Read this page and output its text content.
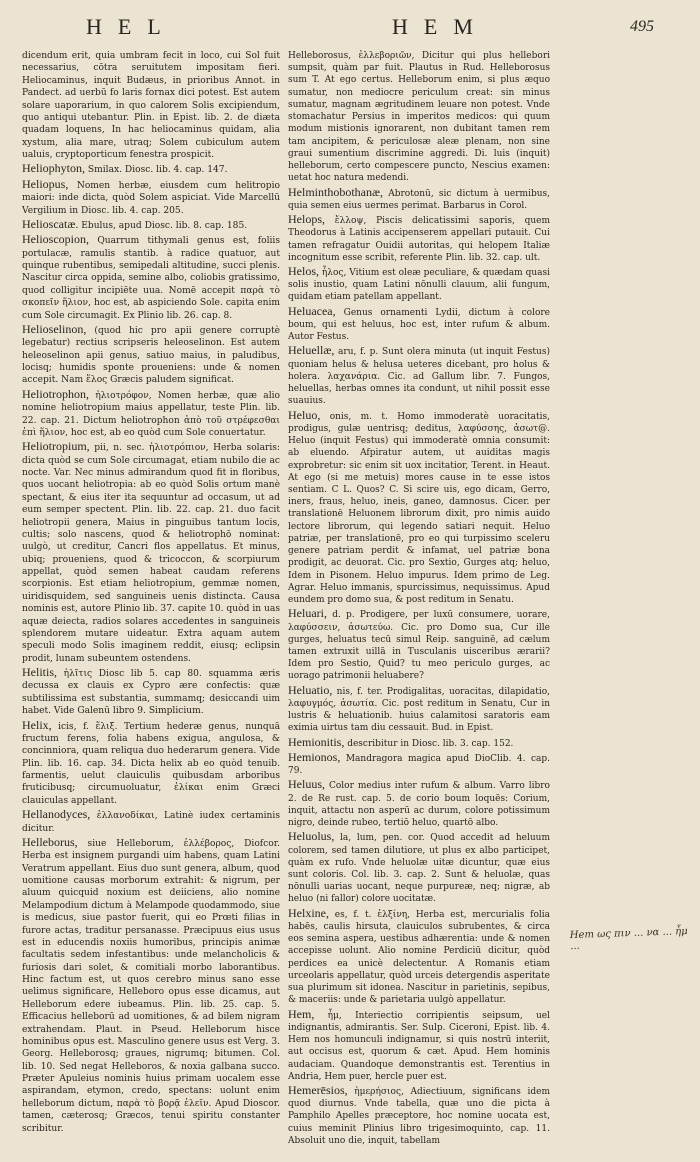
HEL	HEM	495

dicendum erit, quia umbram fecit in loco, cui Sol fuit necessarius, cōtra seruitutem impositam fieri. Heliocaminus, inquit Budæus, in prioribus Annot. in Pandect. ad uerbū fo laris fornax dici potest. Est autem solare uaporarium, in quo calorem Solis excipiendum, quo antiqui utebantur. Plin. in Epist. lib. 2. de diæta quadam loquens, In hac heliocaminus quidam, alia xystum, alia mare, utraq; Solem cubiculum autem ualuis, cryptoporticum fenestra prospicit.

Heliophyton, Smilax. Diosc. lib. 4. cap. 147.

Heliopus, Nomen herbæ, eiusdem cum helitropio maiori: inde dicta, quòd Solem aspiciat. Vide Marcellū Vergilium in Diosc. lib. 4. cap. 205.

Helioscatæ. Ebulus, apud Diosc. lib. 8. cap. 185.

Helioscopion, Quarrum tithymali genus est, foliis portulacæ, ramulis stantib. à radice quatuor, aut quinque rubentibus, semipedali altitudine, succi plenis. Nascitur circa oppida, semine albo, coliobis gratissimo, quod colligitur incipiēte uua. Nomē accepit παρὰ τὸ σκοπεῖν ἥλιον, hoc est, ab aspiciendo Sole. capita enim cum Sole circumagit. Ex Plinio lib. 26. cap. 8.

Helioselinon, (quod hic pro apii genere corruptè legebatur) rectius scripseris heleoselinon. Est autem heleoselinon apii genus, satiuo maius, in paludibus, locisq; humidis sponte proueniens: unde & nomen accepit. Nam ἕλος Græcis paludem significat.

Heliotrophon, ἡλιοτρόφον, Nomen herbæ, quæ alio nomine heliotropium maius appellatur, teste Plin. lib. 22. cap. 21. Dictum heliotrophon ἀπὸ τοῦ στρέφεσθαι ἐπὶ ἥλιον, hoc est, ab eo quòd cum Sole conuertatur.

Heliotropium, pii, n. sec. ἡλιοτρόπιον, Herba solaris: dicta quòd se cum Sole circumagat, etiam nubilo die ac nocte. Var. Nec minus admirandum quod fit in floribus, quos uocant heliotropia: ab eo quòd Solis ortum manè spectant, & eius iter ita sequuntur ad occasum, ut ad eum semper spectent. Plin. lib. 22. cap. 21. duo facit heliotropii genera, Maius in pinguibus tantum locis, cultis; solo nascens, quod & heliotrophō nominat: uulgò, ut creditur, Cancri flos appellatus. Et minus, ubiq; proueniens, quod & tricoccon, & scorpiurum appellat, quòd semen habeat caudam referens scorpionis. Est etiam heliotropium, gemmæ nomen, uiridisquidem, sed sanguineis uenis distincta. Causa nominis est, autore Plinio lib. 37. capite 10. quòd in uas aquæ deiecta, radios solares accedentes in sanguineis splendorem mutare uideatur. Extra aquam autem speculi modo Solis imaginem reddit, eiusq; eclipsin prodit, lunam subeuntem ostendens.

Helitis, ἡλῖτις Diosc lib 5. cap 80. squamma æris decussa ex clauis ex Cypro ære confectis: quæ subtilissima est substantia, summamq; desiccandi uim habet. Vide Galenū libro 9. Simplicium.

Helix, icis, f. ἕλιξ. Tertium hederæ genus, nunquā fructum ferens, folia habens exigua, angulosa, & concinniora, quam reliqua duo hederarum genera. Vide Plin. lib. 16. cap. 34. Dicta helix ab eo quòd tenuib. farmentis, uelut clauiculis quibusdam arboribus fruticibusq; circumuoluatur, ἑλίκαι enim Græci clauiculas appellant.

Hellanodyces, ἑλλανοδίκαι, Latinè iudex certaminis dicitur.

Helleborus, siue Helleborum, ἐλλέβορος, Diofcor. Herba est insignem purgandi uim habens, quam Latini Veratrum appellant. Eius duo sunt genera, album, quod uomitione causas morborum extrahit: & nigrum, per aluum quicquid noxium est deiiciens, alio nomine Melampodium dictum à Melampode quodammodo, siue is medicus, siue pastor fuerit, qui eo Prœti filias in furore actas, traditur persanasse. Præcipuus eius usus est in educendis noxiis humoribus, principis animæ facultatis sedem infestantibus: unde melancholicis & furiosis dari solet, & comitiali morbo laborantibus. Hinc factum est, ut quos cerebro minus sano esse uelimus significare, Helleboro opus esse dicamus, aut Helleborum edere iubeamus. Plin. lib. 25. cap. 5. Efficacius helleborū ad uomitiones, & ad bilem nigram extrahendam. Plaut. in Pseud. Helleborum hisce hominibus opus est. Masculino genere usus est Verg. 3. Georg. Helleborosq; graues, nigrumq; bitumen. Col. lib. 10. Sed negat Helleboros, & noxia galbana succo. Præter Apuleius nominis huius primam uocalem esse aspirandam, etymon, credo, spectans: uolunt enim helleborum dictum, παρὰ τὸ βορᾷ ἐλεῖν. Apud Dioscor. tamen, cæterosq; Græcos, tenui spiritu constanter scribitur.

Helleborosus, ἐλλεβοριῶν, Dicitur qui plus hellebori sumpsit, quàm par fuit. Plautus in Rud. Helleborosus sum T. At ego certus. Helleborum enim, si plus æquo sumatur, non mediocre periculum creat: sin minus sumatur, magnam ægritudinem leuare non potest. Vnde stomachatur Persius in imperitos medicos: qui quum modum mistionis ignorarent, non dubitant tamen rem tam ancipitem, & periculosæ aleæ plenam, non sine graui sumentium discrimine aggredi. Di. luis (inquit) helleborum, certo compescere puncto, Nescius examen: uetat hoc natura medendi.

Helminthobothanæ, Abrotonū, sic dictum à uermibus, quia semen eius uermes perimat. Barbarus in Corol.

Helops, ἔλλοψ, Piscis delicatissimi saporis, quem Theodorus à Latinis accipenserem appellari putauit. Cui tamen refragatur Ouidii autoritas, qui helopem Italiæ incognitum esse scribit, referente Plin. lib. 32. cap. ult.

Helos, ἧλος, Vitium est oleæ peculiare, & quædam quasi solis inustio, quam Latini nōnulli clauum, alii fungum, quidam etiam patellam appellant.

Heluacea, Genus ornamenti Lydii, dictum à colore boum, qui est heluus, hoc est, inter rufum & album. Autor Festus.

Heluellæ, aru, f. p. Sunt olera minuta (ut inquit Festus) quoniam helus & helusa ueteres dicebant, pro holus & holera. λαχανάρια. Cic. ad Gallum libr. 7. Fungos, heluellas, herbas omnes ita condunt, ut nihil possit esse suauius.

Heluo, onis, m. t. Homo immoderatè uoracitatis, prodigus, gulæ uentrisq; deditus, λαφύσσης, ἀσωτ@. Heluo (inquit Festus) qui immoderatè omnia consumit: ab eluendo. Afpiratur autem, ut auiditas magis exprobretur: sic enim sit uox incitatior, Terent. in Heaut. At ego (si me metuis) mores cause in te esse istos sentiam. C L. Quos? C. Si scire uis, ego dicam, Gerro, iners, fraus, heluo, ineis, ganeo, damnosus. Cicer. per translationē Heluonem librorum dixit, pro nimis auido lectore librorum, qui legendo satiari nequit. Heluo patriæ, per translationē, pro eo qui turpissimo sceleru genere patriam perdit & infamat, uel patriæ bona prodigit, ac deuorat. Cic. pro Sextio, Gurges atq; heluo, Idem in Pisonem. Heluo impurus. Idem primo de Leg. Agrar. Heluo immanis, spurcissimus, nequissimus. Apud eundem pro domo sua, & post reditum in Senatu.

Heluari, d. p. Prodigere, per luxū consumere, uorare, λαφύσσειν, ἀσωτεύω. Cic. pro Domo sua, Cur ille gurges, heluatus tecū simul Reip. sanguinē, ad cælum tamen extruxit uillā in Tusculanis uisceribus ærarii? Idem pro Sestio, Quid? tu meo periculo gurges, ac uorago patrimonii heluabere?

Heluatio, nis, f. ter. Prodigalitas, uoracitas, dilapidatio, λαφυγμός, ἀσωτία. Cic. post reditum in Senatu, Cur in lustris & heluationib. huius calamitosi saratoris eam eximia uirtus tam diu cessauit. Bud. in Epist.

Hemionitis, describitur in Diosc. lib. 3. cap. 152.

Hemionos, Mandragora magica apud DioClib. 4. cap. 79.

Heluus, Color medius inter rufum & album. Varro libro 2. de Re rust. cap. 5. de corio boum loquēs: Corium, inquit, attactu non asperū ac durum, colore potissimum nigro, deinde rubeo, tertiō heluo, quartō albo.

Heluolus, la, lum, pen. cor. Quod accedit ad heluum colorem, sed tamen dilutiore, ut plus ex albo participet, quàm ex rufo. Vnde heluolæ uitæ dicuntur, quæ eius sunt coloris. Col. lib. 3. cap. 2. Sunt & heluolæ, quas nōnulli uarias uocant, neque purpureæ, neq; nigræ, ab heluo (ni fallor) colore uocitatæ.

Helxine, es, f. t. ἑλξίνη, Herba est, mercurialis folia habēs, caulis hirsuta, clauiculos subrubentes, & circa eos semina aspera, uestibus adhærentia: unde & nomen accepisse uolunt. Alio nomine Perdiciū dicitur, quòd perdices ea unicè delectentur. A Romanis etiam urceolaris appellatur, quòd urceis detergendis asperitate sua plurimum sit idonea. Nascitur in parietinis, sepibus, & maceriis: unde & parietaria uulgò appellatur.

Hem, ἦμ, Interiectio corripientis seipsum, uel indignantis, admirantis. Ser. Sulp. Ciceroni, Epist. lib. 4. Hem nos homunculi indignamur, si quis nostrū interiit, aut occisus est, quorum & cæt. Apud. Hem hominis audaciam. Quandoque demonstrantis est. Terentius in Andria, Hem puer, hercle puer est.

Hemerēsios, ἡμερήσιος, Adiectiuum, significans idem quod diurnus. Vnde tabella, quæ uno die picta à Pamphilo Apelles præceptore, hoc nomine uocata est, cuius meminit Plinius libro trigesimoquinto, cap. 11. Absoluit uno die, inquit, tabellam

Hem ως πιν ... να ... ἦμ ...
